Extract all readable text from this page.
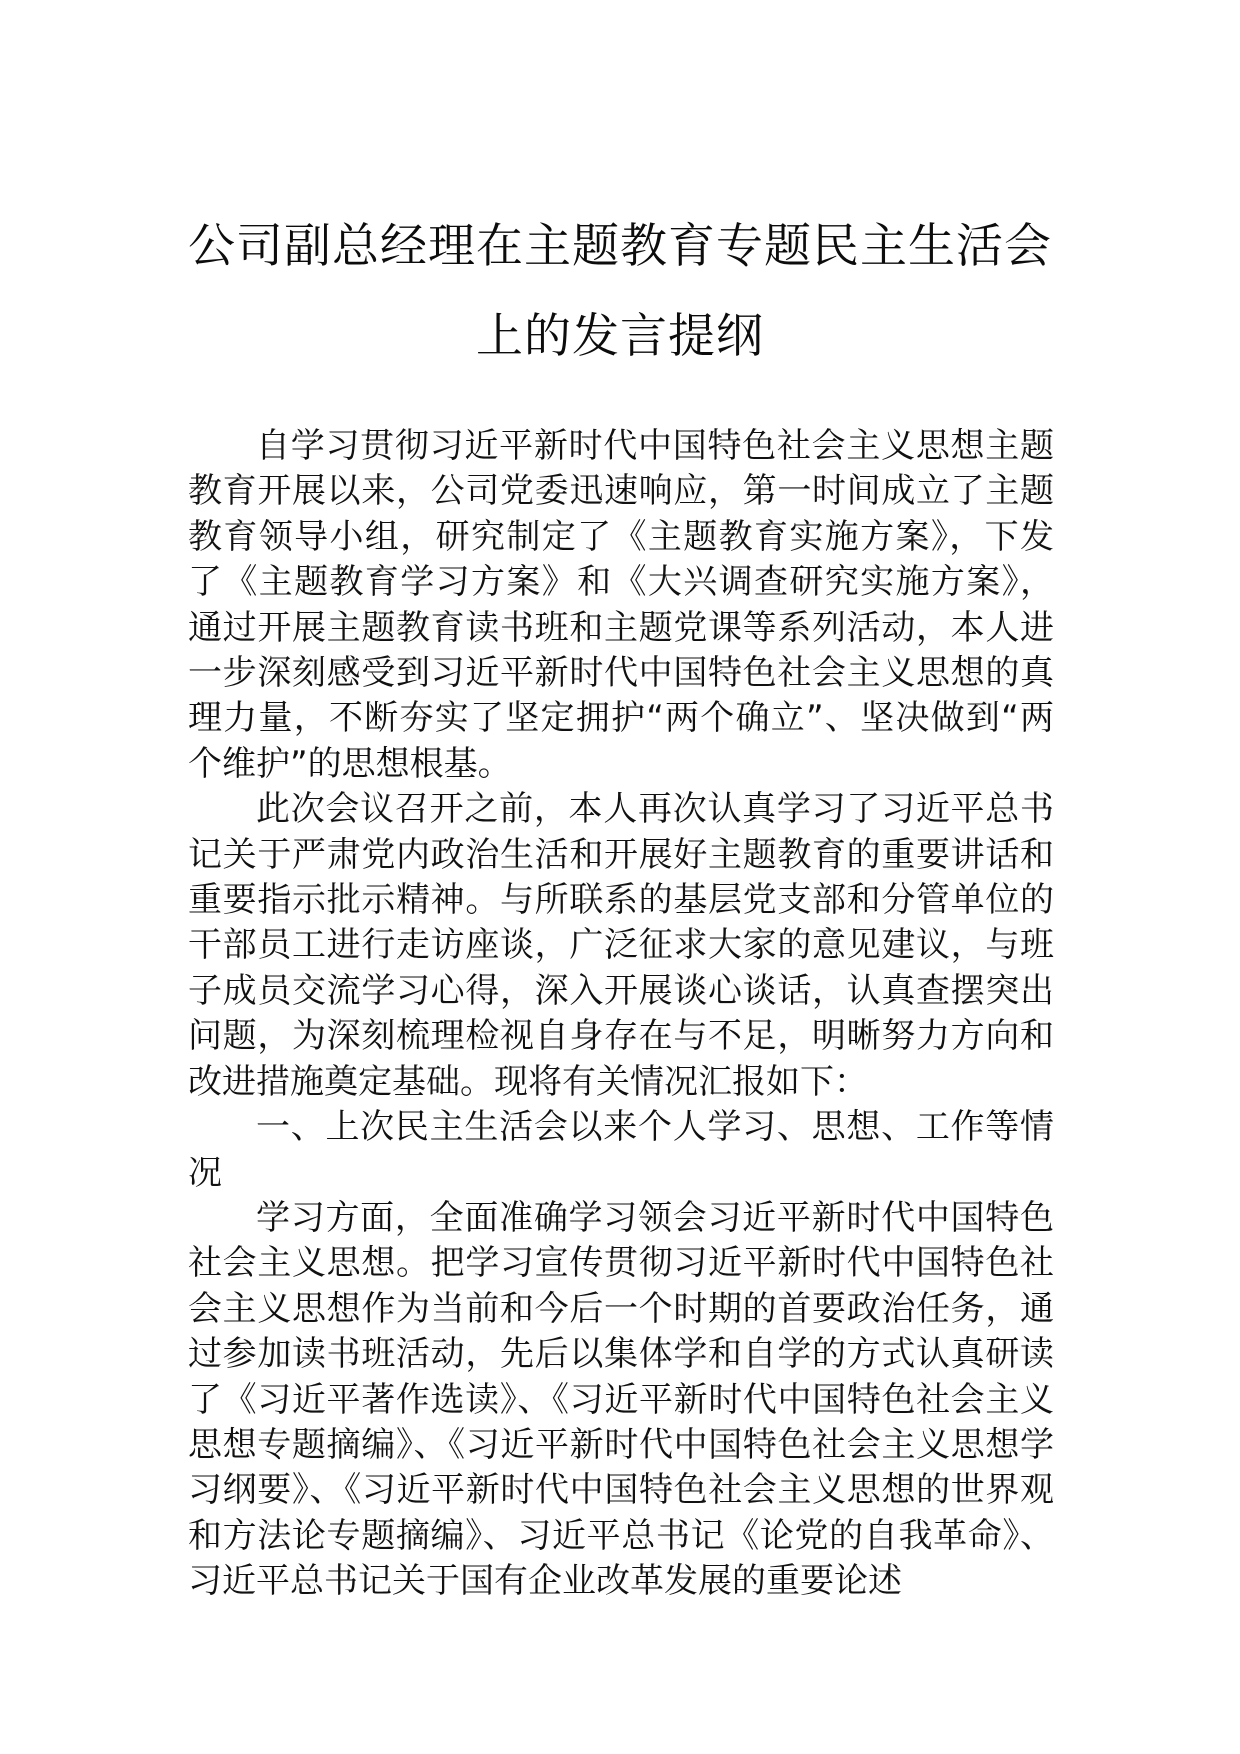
公司副总经理在主题教育专题民主生活会
上的发言提纲

自学习贯彻习近平新时代中国特色社会主义思想主题教育开展以来，公司党委迅速响应，第一时间成立了主题教育领导小组，研究制定了《主题教育实施方案》，下发了《主题教育学习方案》和《大兴调查研究实施方案》，通过开展主题教育读书班和主题党课等系列活动，本人进一步深刻感受到习近平新时代中国特色社会主义思想的真理力量，不断夯实了坚定拥护“两个确立”、坚决做到“两个维护”的思想根基。

此次会议召开之前，本人再次认真学习了习近平总书记关于严肃党内政治生活和开展好主题教育的重要讲话和重要指示批示精神。与所联系的基层党支部和分管单位的干部员工进行走访座谈，广泛征求大家的意见建议，与班子成员交流学习心得，深入开展谈心谈话，认真查摆突出问题，为深刻梳理检视自身存在与不足，明晰努力方向和改进措施奠定基础。现将有关情况汇报如下：

一、上次民主生活会以来个人学习、思想、工作等情况

学习方面，全面准确学习领会习近平新时代中国特色社会主义思想。把学习宣传贯彻习近平新时代中国特色社会主义思想作为当前和今后一个时期的首要政治任务，通过参加读书班活动，先后以集体学和自学的方式认真研读了《习近平著作选读》、《习近平新时代中国特色社会主义思想专题摘编》、《习近平新时代中国特色社会主义思想学习纲要》、《习近平新时代中国特色社会主义思想的世界观和方法论专题摘编》、习近平总书记《论党的自我革命》、习近平总书记关于国有企业改革发展的重要论述
